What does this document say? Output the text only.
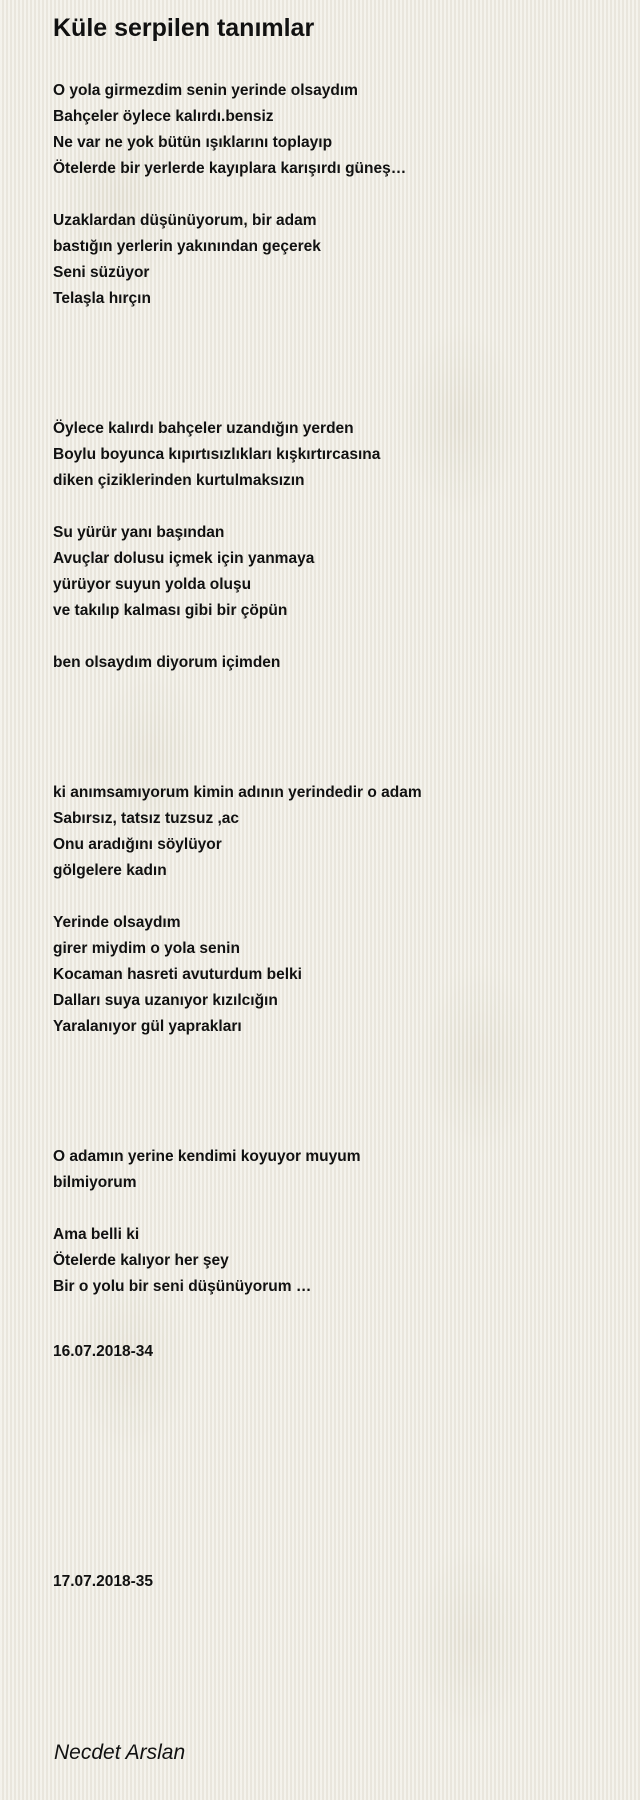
Küle serpilen tanımlar

O yola girmezdim senin yerinde olsaydım

Bahçeler öylece kalırdı.bensiz

Ne var ne yok bütün ışıklarını toplayıp

Ötelerde bir yerlerde kayıplara karışırdı güneş…

Uzaklardan düşünüyorum, bir adam

bastığın yerlerin yakınından geçerek

Seni süzüyor

Telaşla hırçın

Öylece kalırdı bahçeler uzandığın yerden

Boylu boyunca kıpırtısızlıkları kışkırtırcasına

diken çiziklerinden kurtulmaksızın

Su yürür yanı başından

Avuçlar dolusu içmek için yanmaya

yürüyor suyun yolda oluşu

ve takılıp kalması gibi bir çöpün

ben olsaydım diyorum içimden

ki anımsamıyorum kimin adının yerindedir o adam

Sabırsız, tatsız tuzsuz ,ac

Onu aradığını söylüyor

gölgelere kadın

Yerinde olsaydım

girer miydim o yola senin

Kocaman hasreti avuturdum belki

Dalları suya uzanıyor kızılcığın

Yaralanıyor gül yaprakları

O adamın yerine kendimi koyuyor muyum

bilmiyorum

Ama belli ki

Ötelerde kalıyor her şey

Bir o yolu bir seni düşünüyorum …

16.07.2018-34

17.07.2018-35

Necdet Arslan
